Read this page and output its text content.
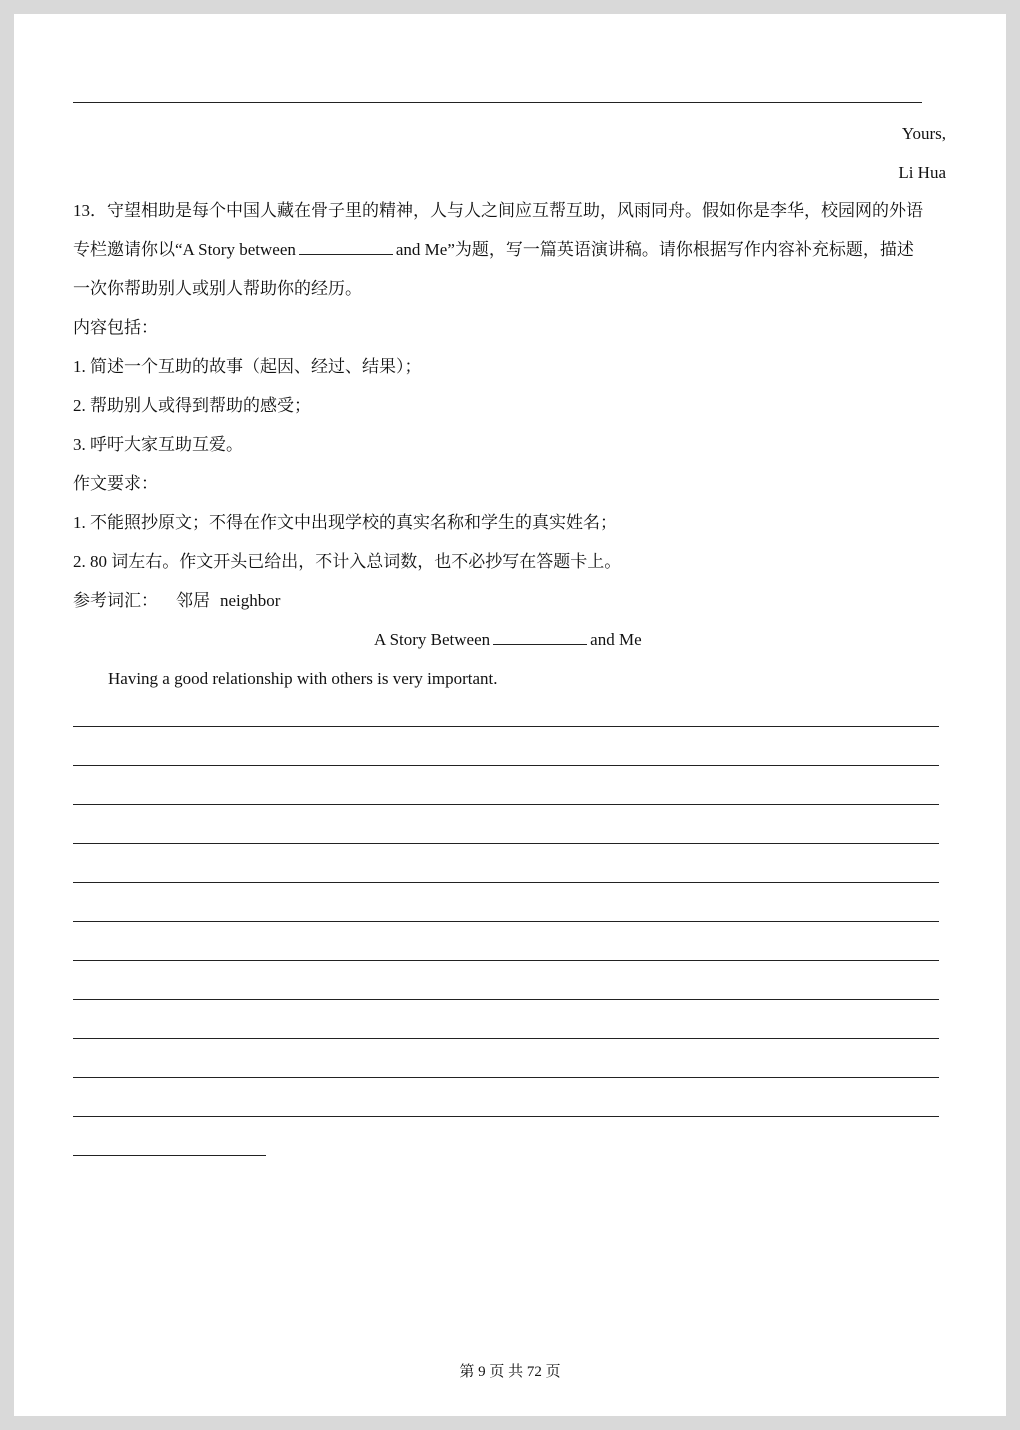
Yours,
Li Hua
13．守望相助是每个中国人藏在骨子里的精神，人与人之间应互帮互助，风雨同舟。假如你是李华，校园网的外语
专栏邀请你以“A Story between	and Me”为题，写一篇英语演讲稿。请你根据写作内容补充标题，描述
一次你帮助别人或别人帮助你的经历。
内容包括：
1. 简述一个互助的故事（起因、经过、结果）；
2. 帮助别人或得到帮助的感受；
3. 呼吁大家互助互爱。
作文要求：
1. 不能照抄原文；不得在作文中出现学校的真实名称和学生的真实姓名；
2. 80 词左右。作文开头已给出，不计入总词数，也不必抄写在答题卡上。
参考词汇： 邻居 neighbor
A Story Between	and Me
Having a good relationship with others is very important.
第 9 页 共 72 页
